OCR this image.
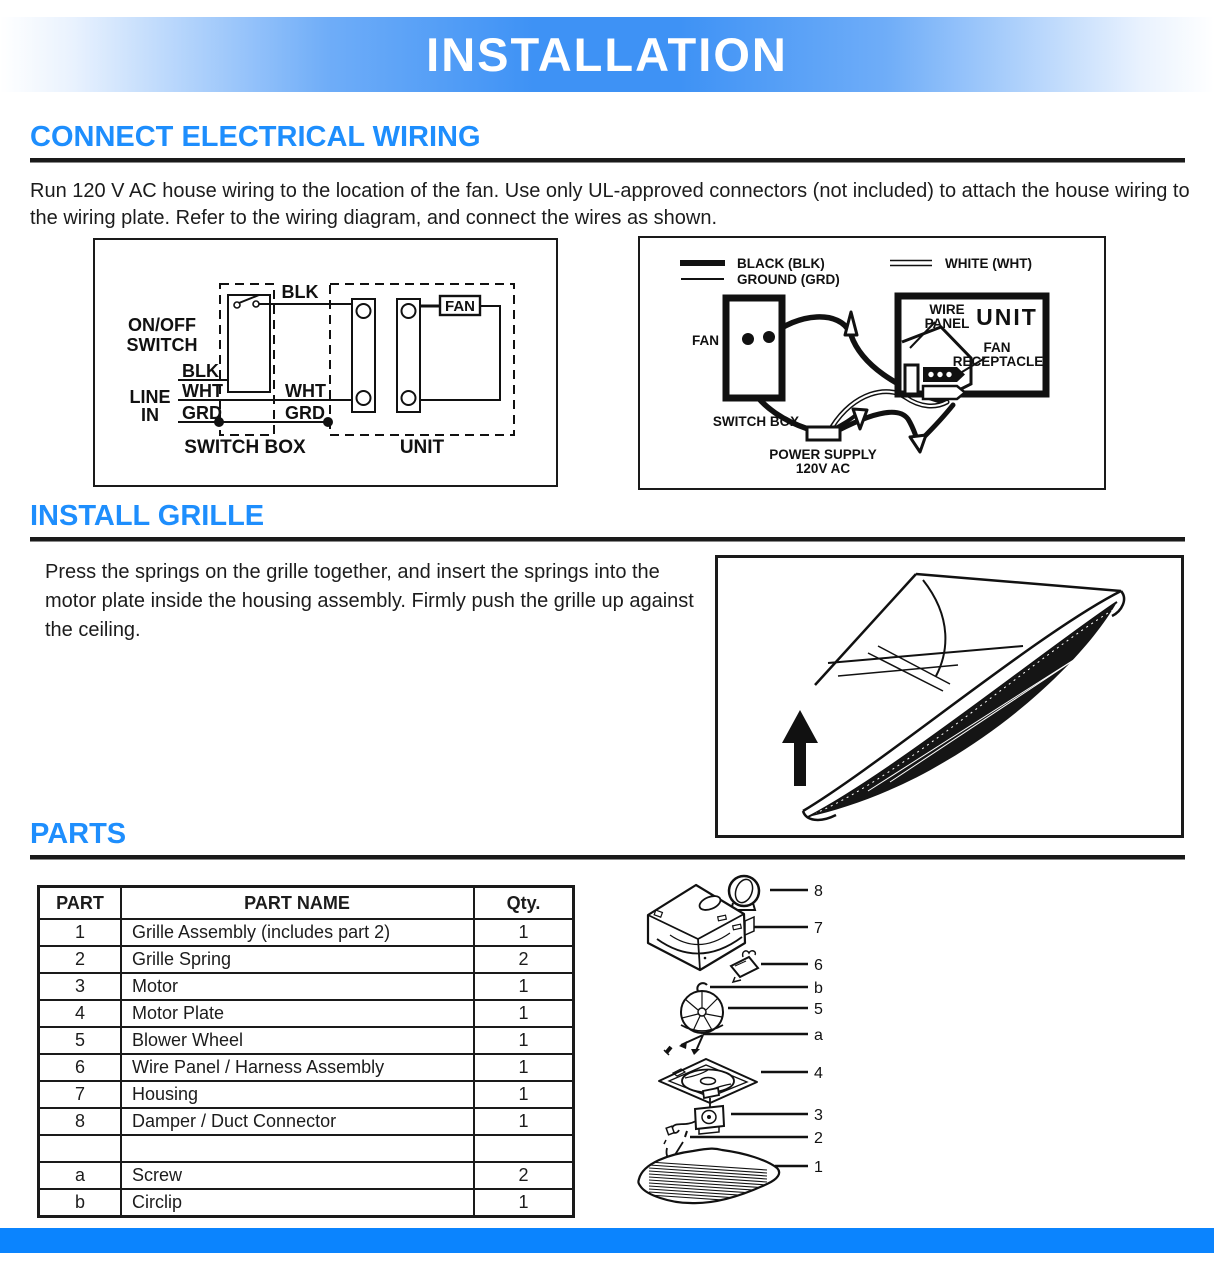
INSTALLATION
CONNECT ELECTRICAL WIRING

Run 120 V AC house wiring to the location of the fan. Use only UL-approved connectors (not included) to attach the house wiring to the wiring plate. Refer to the wiring diagram, and connect the wires as shown.

FAN
BLK
ON/OFF
SWITCH
LINE
IN
BLK
WHT
GRD
WHT
GRD
SWITCH BOX	UNIT
BLACK (BLK)
GROUND (GRD)
WHITE (WHT)
FAN
SWITCH BOX
WIRE
PANEL UNIT
FAN
RECEPTACLE
POWER SUPPLY
120V AC
INSTALL GRILLE

Press the springs on the grille together, and insert the springs into the motor plate inside the housing assembly. Firmly push the grille up against the ceiling.

PARTS
PART	PART NAME	Qty.
1	Grille Assembly (includes part 2)	1
2	Grille Spring	2
3	Motor	1
4	Motor Plate	1
5	Blower Wheel	1
6	Wire Panel / Harness Assembly	1
7	Housing	1
8	Damper / Duct Connector	1

a	Screw	2
b	Circlip	1
8
7
6
b
5
a
4
3
2
1
